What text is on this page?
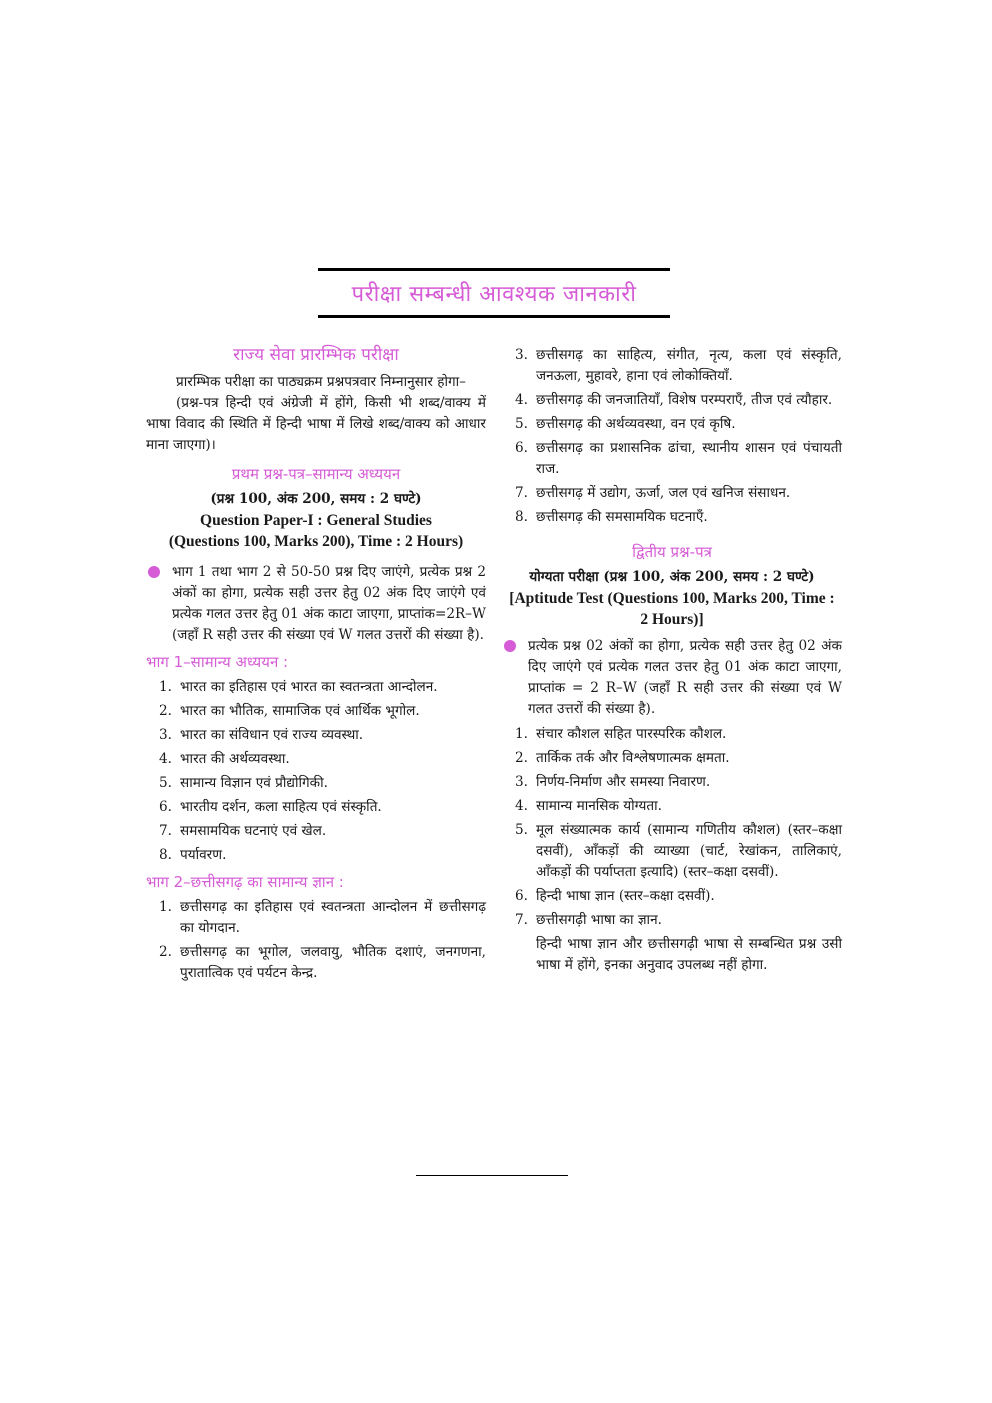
परीक्षा सम्बन्धी आवश्यक जानकारी
राज्य सेवा प्रारम्भिक परीक्षा

प्रारम्भिक परीक्षा का पाठ्यक्रम प्रश्नपत्रवार निम्नानुसार होगा–

(प्रश्न-पत्र हिन्दी एवं अंग्रेजी में होंगे, किसी भी शब्द/वाक्य में भाषा विवाद की स्थिति में हिन्दी भाषा में लिखे शब्द/वाक्य को आधार माना जाएगा)।

प्रथम प्रश्न-पत्र–सामान्य अध्ययन
(प्रश्न 100, अंक 200, समय : 2 घण्टे)
Question Paper-I : General Studies (Questions 100, Marks 200), Time : 2 Hours)
भाग 1 तथा भाग 2 से 50-50 प्रश्न दिए जाएंगे, प्रत्येक प्रश्न 2 अंकों का होगा, प्रत्येक सही उत्तर हेतु 02 अंक दिए जाएंगे एवं प्रत्येक गलत उत्तर हेतु 01 अंक काटा जाएगा, प्राप्तांक=2R–W (जहाँ R सही उत्तर की संख्या एवं W गलत उत्तरों की संख्या है).
भाग 1–सामान्य अध्ययन :
1. भारत का इतिहास एवं भारत का स्वतन्त्रता आन्दोलन.
2. भारत का भौतिक, सामाजिक एवं आर्थिक भूगोल.
3. भारत का संविधान एवं राज्य व्यवस्था.
4. भारत की अर्थव्यवस्था.
5. सामान्य विज्ञान एवं प्रौद्योगिकी.
6. भारतीय दर्शन, कला साहित्य एवं संस्कृति.
7. समसामयिक घटनाएं एवं खेल.
8. पर्यावरण.
भाग 2–छत्तीसगढ़ का सामान्य ज्ञान :
1. छत्तीसगढ़ का इतिहास एवं स्वतन्त्रता आन्दोलन में छत्तीसगढ़ का योगदान.
2. छत्तीसगढ़ का भूगोल, जलवायु, भौतिक दशाएं, जनगणना, पुरातात्विक एवं पर्यटन केन्द्र.
3. छत्तीसगढ़ का साहित्य, संगीत, नृत्य, कला एवं संस्कृति, जनऊला, मुहावरे, हाना एवं लोकोक्तियाँ.
4. छत्तीसगढ़ की जनजातियाँ, विशेष परम्पराएँ, तीज एवं त्यौहार.
5. छत्तीसगढ़ की अर्थव्यवस्था, वन एवं कृषि.
6. छत्तीसगढ़ का प्रशासनिक ढांचा, स्थानीय शासन एवं पंचायती राज.
7. छत्तीसगढ़ में उद्योग, ऊर्जा, जल एवं खनिज संसाधन.
8. छत्तीसगढ़ की समसामयिक घटनाएँ.
द्वितीय प्रश्न-पत्र
योग्यता परीक्षा (प्रश्न 100, अंक 200, समय : 2 घण्टे)
[Aptitude Test (Questions 100, Marks 200, Time : 2 Hours)]
प्रत्येक प्रश्न 02 अंकों का होगा, प्रत्येक सही उत्तर हेतु 02 अंक दिए जाएंगे एवं प्रत्येक गलत उत्तर हेतु 01 अंक काटा जाएगा, प्राप्तांक = 2 R–W (जहाँ R सही उत्तर की संख्या एवं W गलत उत्तरों की संख्या है).
1. संचार कौशल सहित पारस्परिक कौशल.
2. तार्किक तर्क और विश्लेषणात्मक क्षमता.
3. निर्णय-निर्माण और समस्या निवारण.
4. सामान्य मानसिक योग्यता.
5. मूल संख्यात्मक कार्य (सामान्य गणितीय कौशल) (स्तर–कक्षा दसवीं), आँकड़ों की व्याख्या (चार्ट, रेखांकन, तालिकाएं, आँकड़ों की पर्याप्तता इत्यादि) (स्तर–कक्षा दसवीं).
6. हिन्दी भाषा ज्ञान (स्तर–कक्षा दसवीं).
7. छत्तीसगढ़ी भाषा का ज्ञान.

हिन्दी भाषा ज्ञान और छत्तीसगढ़ी भाषा से सम्बन्धित प्रश्न उसी भाषा में होंगे, इनका अनुवाद उपलब्ध नहीं होगा.
